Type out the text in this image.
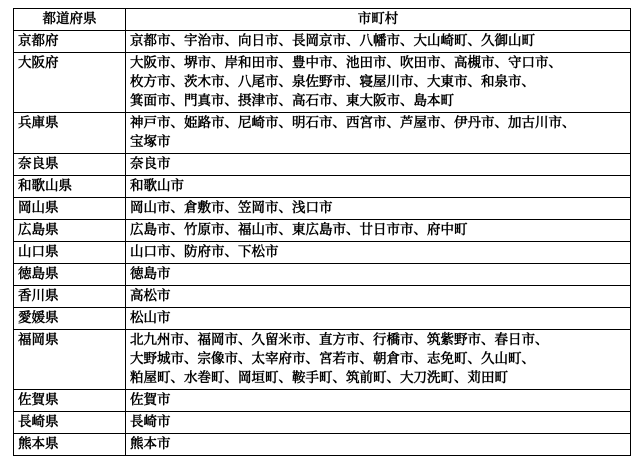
都道府県	市町村
京都府	京都市、宇治市、向日市、長岡京市、八幡市、大山崎町、久御山町

大阪府	大阪市、堺市、岸和田市、豊中市、池田市、吹田市、高槻市、守口市、
枚方市、茨木市、八尾市、泉佐野市、寝屋川市、大東市、和泉市、
箕面市、門真市、摂津市、高石市、東大阪市、島本町

兵庫県	神戸市、姫路市、尼崎市、明石市、西宮市、芦屋市、伊丹市、加古川市、
宝塚市

奈良県	奈良市

和歌山県	和歌山市

岡山県	岡山市、倉敷市、笠岡市、浅口市

広島県	広島市、竹原市、福山市、東広島市、廿日市市、府中町

山口県	山口市、防府市、下松市

徳島県	徳島市

香川県	高松市

愛媛県	松山市

福岡県	北九州市、福岡市、久留米市、直方市、行橋市、筑紫野市、春日市、
大野城市、宗像市、太宰府市、宮若市、朝倉市、志免町、久山町、
粕屋町、水巻町、岡垣町、鞍手町、筑前町、大刀洗町、苅田町

佐賀県	佐賀市

長崎県	長崎市

熊本県	熊本市
